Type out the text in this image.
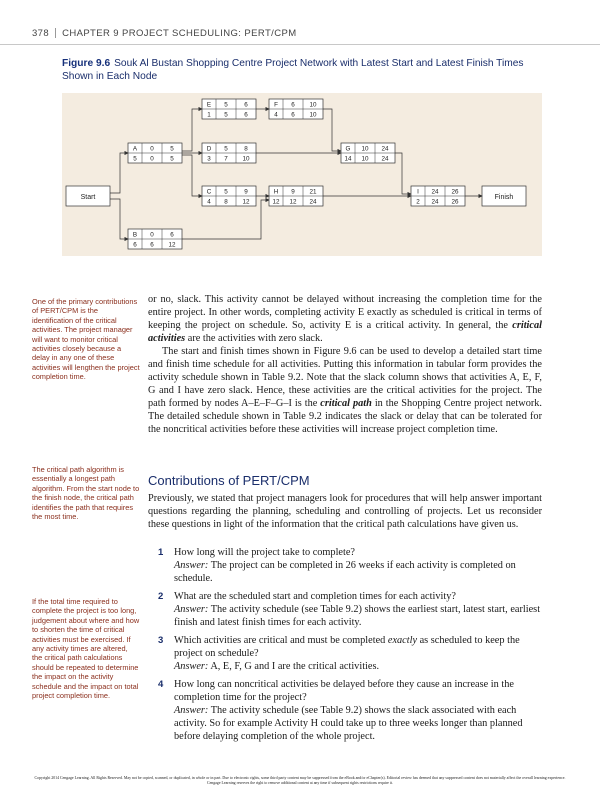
378 CHAPTER 9 PROJECT SCHEDULING: PERT/CPM
Figure 9.6 Souk Al Bustan Shopping Centre Project Network with Latest Start and Latest Finish Times Shown in Each Node
Start	Finish
E 5	6
1 5	6
F 6 10
4 6 10
A 0	5
5 0	5
D 5	8
3 7 10
G 10 24
14 10 24
C 5	9
4 8 12
H 9 21
12 12 24
I 24 26
2 24 26
B 0	6
6 6 12
One of the primary contributions of PERT/CPM is the identification of the critical activities. The project manager will want to monitor critical activities closely because a delay in any one of these activities will lengthen the project completion time.
The critical path algorithm is essentially a longest path algorithm. From the start node to the finish node, the critical path identifies the path that requires the most time.
If the total time required to complete the project is too long, judgement about where and how to shorten the time of critical activities must be exercised. If any activity times are altered, the critical path calculations should be repeated to determine the impact on the activity schedule and the impact on total project completion time.

or no, slack. This activity cannot be delayed without increasing the completion time for the entire project. In other words, completing activity E exactly as scheduled is critical in terms of keeping the project on schedule. So, activity E is a critical activity. In general, the critical activities are the activities with zero slack.

The start and finish times shown in Figure 9.6 can be used to develop a detailed start time and finish time schedule for all activities. Putting this information in tabular form provides the activity schedule shown in Table 9.2. Note that the slack column shows that activities A, E, F, G and I have zero slack. Hence, these activities are the critical activities for the project. The path formed by nodes A–E–F–G–I is the critical path in the Shopping Centre project network. The detailed schedule shown in Table 9.2 indicates the slack or delay that can be tolerated for the noncritical activities before these activities will increase project completion time.

Contributions of PERT/CPM
Previously, we stated that project managers look for procedures that will help answer important questions regarding the planning, scheduling and controlling of projects. Let us reconsider these questions in light of the information that the critical path calculations have given us.
1 How long will the project take to complete?
Answer: The project can be completed in 26 weeks if each activity is completed on schedule.
2 What are the scheduled start and completion times for each activity?
Answer: The activity schedule (see Table 9.2) shows the earliest start, latest start, earliest finish and latest finish times for each activity.
3 Which activities are critical and must be completed exactly as scheduled to keep the project on schedule?
Answer: A, E, F, G and I are the critical activities.
4 How long can noncritical activities be delayed before they cause an increase in the completion time for the project?
Answer: The activity schedule (see Table 9.2) shows the slack associated with each activity. So for example Activity H could take up to three weeks longer than planned before delaying completion of the whole project.
Copyright 2014 Cengage Learning. All Rights Reserved. May not be copied, scanned, or duplicated, in whole or in part. Due to electronic rights, some third party content may be suppressed from the eBook and/or eChapter(s). Editorial review has deemed that any suppressed content does not materially affect the overall learning experience. Cengage Learning reserves the right to remove additional content at any time if subsequent rights restrictions require it.
